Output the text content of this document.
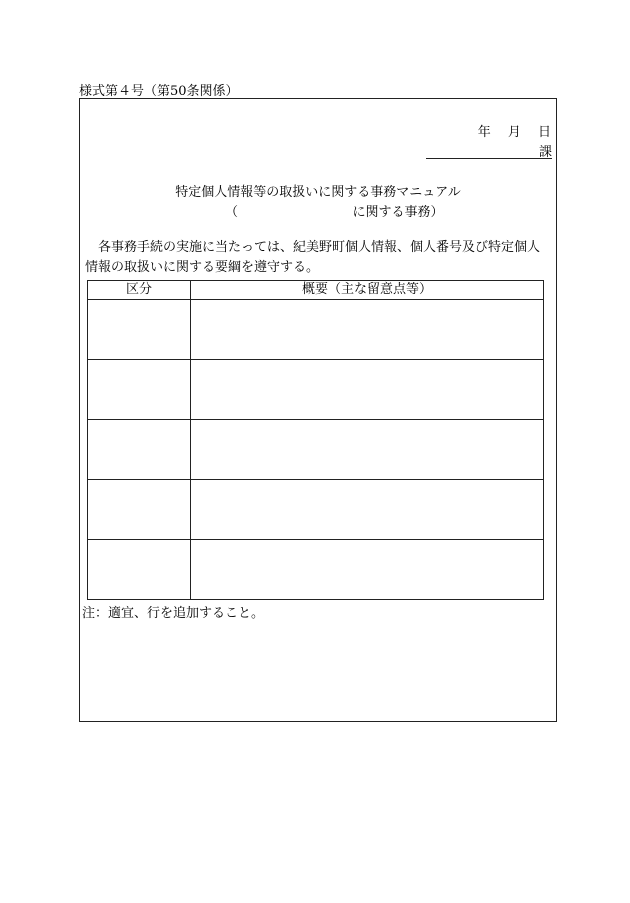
様式第４号（第50条関係）
年 月 日
課
特定個人情報等の取扱いに関する事務マニュアル
（	に関する事務）
各事務手続の実施に当たっては、紀美野町個人情報、個人番号及び特定個人情報の取扱いに関する要綱を遵守する。
区分	概要（主な留意点等）

注：適宜、行を追加すること。
